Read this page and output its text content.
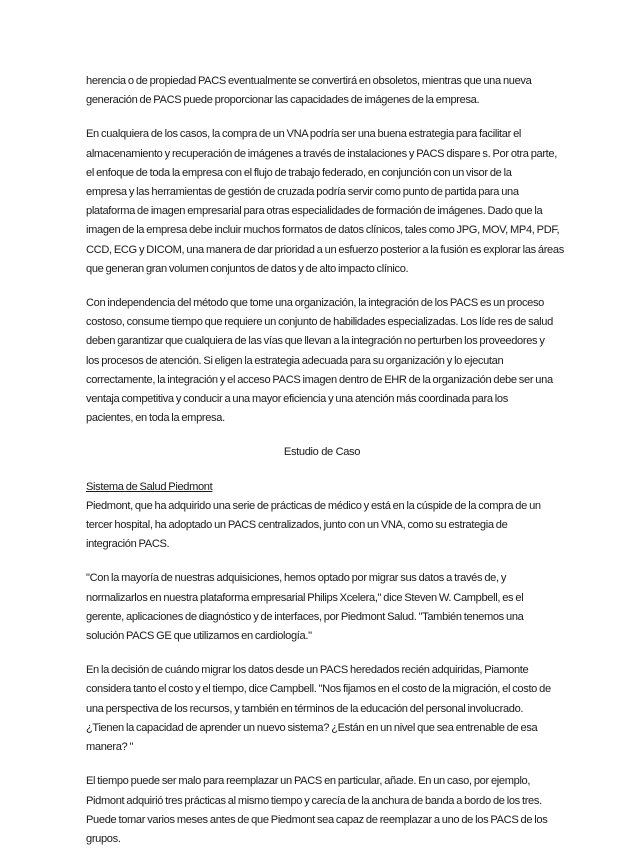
herencia o de propiedad PACS eventualmente se convertirá en obsoletos, mientras que una nueva
generación de PACS puede proporcionar las capacidades de imágenes de la empresa.

En cualquiera de los casos, la compra de un VNA podría ser una buena estrategia para facilitar el
almacenamiento y recuperación de imágenes a través de instalaciones y PACS dispare s. Por otra parte,
el enfoque de toda la empresa con el flujo de trabajo federado, en conjunción con un visor de la
empresa y las herramientas de gestión de cruzada podría servir como punto de partida para una
plataforma de imagen empresarial para otras especialidades de formación de imágenes. Dado que la
imagen de la empresa debe incluir muchos formatos de datos clínicos, tales como JPG, MOV, MP4, PDF,
CCD, ECG y DICOM, una manera de dar prioridad a un esfuerzo posterior a la fusión es explorar las áreas
que generan gran volumen conjuntos de datos y de alto impacto clínico.

Con independencia del método que tome una organización, la integración de los PACS es un proceso
costoso, consume tiempo que requiere un conjunto de habilidades especializadas. Los líde res de salud
deben garantizar que cualquiera de las vías que llevan a la integración no perturben los proveedores y
los procesos de atención. Si eligen la estrategia adecuada para su organización y lo ejecutan
correctamente, la integración y el acceso PACS imagen dentro de EHR de la organización debe ser una
ventaja competitiva y conducir a una mayor eficiencia y una atención más coordinada para los
pacientes, en toda la empresa.

Estudio de Caso

Sistema de Salud Piedmont
Piedmont, que ha adquirido una serie de prácticas de médico y está en la cúspide de la compra de un
tercer hospital, ha adoptado un PACS centralizados, junto con un VNA, como su estrategia de
integración PACS.

"Con la mayoría de nuestras adquisiciones, hemos optado por migrar sus datos a través de, y
normalizarlos en nuestra plataforma empresarial Philips Xcelera," dice Steven W. Campbell, es el
gerente, aplicaciones de diagnóstico y de interfaces, por Piedmont Salud. "También tenemos una
solución PACS GE que utilizamos en cardiología."

En la decisión de cuándo migrar los datos desde un PACS heredados recién adquiridas, Piamonte
considera tanto el costo y el tiempo, dice Campbell. "Nos fijamos en el costo de la migración, el costo de
una perspectiva de los recursos, y también en términos de la educación del personal involucrado.
¿Tienen la capacidad de aprender un nuevo sistema? ¿Están en un nivel que sea entrenable de esa
manera? "

El tiempo puede ser malo para reemplazar un PACS en particular, añade. En un caso, por ejemplo,
Pidmont adquirió tres prácticas al mismo tiempo y carecía de la anchura de banda a bordo de los tres.
Puede tomar varios meses antes de que Piedmont sea capaz de reemplazar a uno de los PACS de los
grupos.
